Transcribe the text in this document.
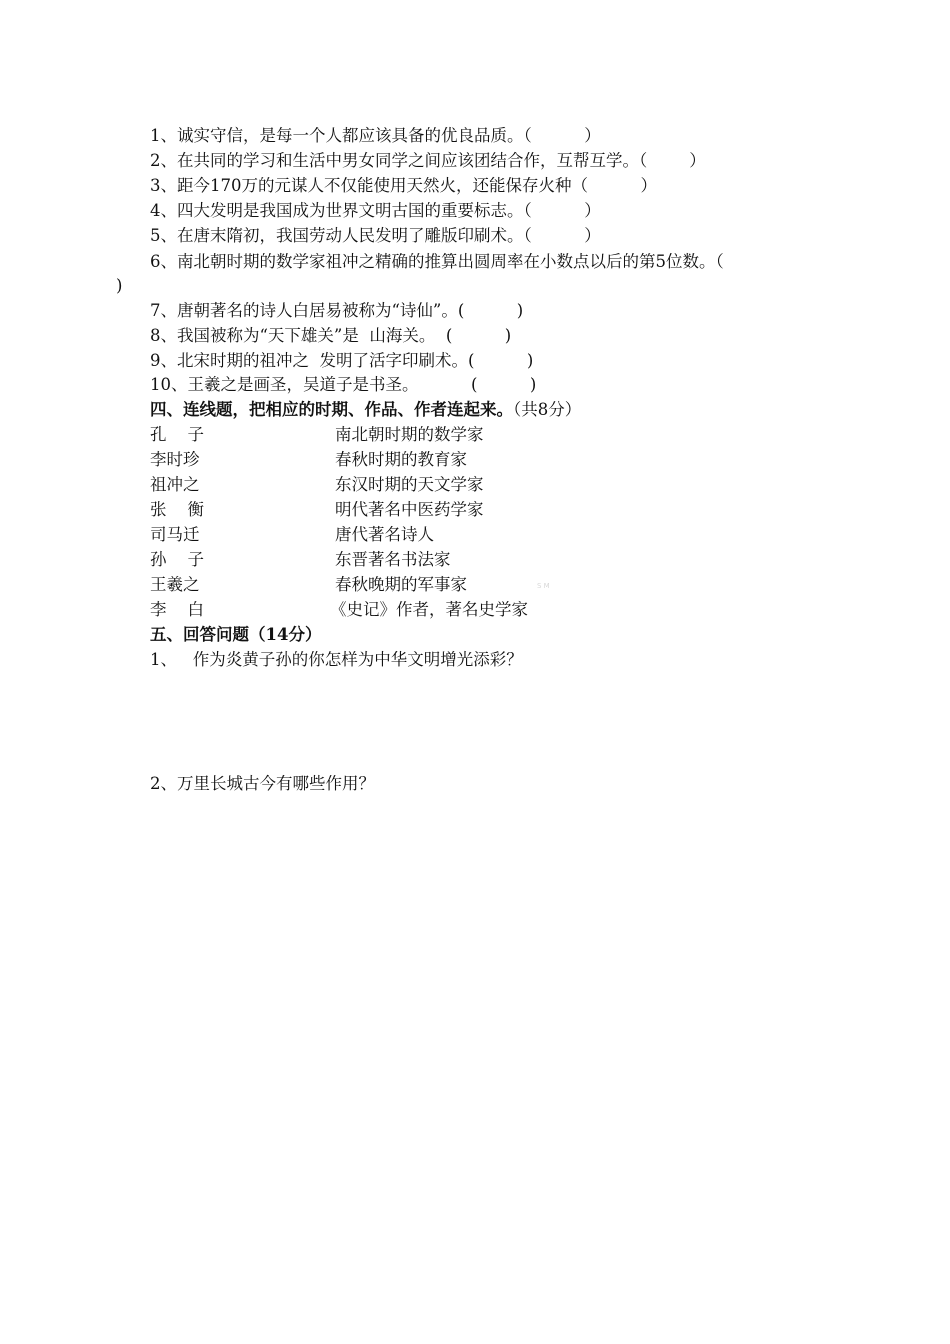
1、诚实守信，是每一个人都应该具备的优良品质。（          ）
2、在共同的学习和生活中男女同学之间应该团结合作，互帮互学。（        ）
3、距今170万的元谋人不仅能使用天然火，还能保存火种（          ）
4、四大发明是我国成为世界文明古国的重要标志。（          ）
5、在唐末隋初，我国劳动人民发明了雕版印刷术。（          ）
6、南北朝时期的数学家祖冲之精确的推算出圆周率在小数点以后的第5位数。（
)
7、唐朝著名的诗人白居易被称为“诗仙”。(          )
8、我国被称为“天下雄关”是  山海关。  (          )
9、北宋时期的祖冲之  发明了活字印刷术。(          )
10、王羲之是画圣，吴道子是书圣。          (          )
四、连线题，把相应的时期、作品、作者连起来。（共8分）
孔    子	南北朝时期的数学家
李时珍	春秋时期的教育家
祖冲之	东汉时期的天文学家
张    衡	明代著名中医药学家
司马迁	唐代著名诗人
孙    子	东晋著名书法家
王羲之	春秋晚期的军事家
李    白	《史记》作者，著名史学家
S M
五、回答问题（14分）
1、   作为炎黄子孙的你怎样为中华文明增光添彩？
2、万里长城古今有哪些作用？
